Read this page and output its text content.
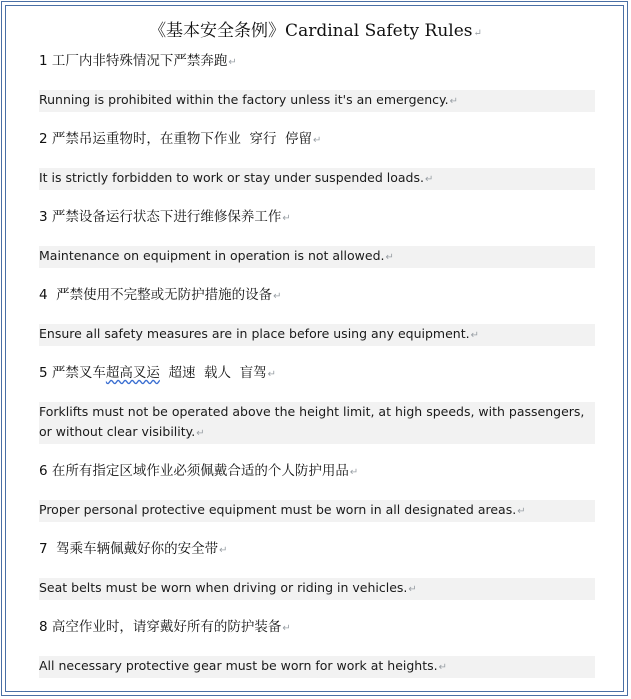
《基本安全条例》Cardinal Safety Rules↵
1 工厂内非特殊情况下严禁奔跑↵
Running is prohibited within the factory unless it's an emergency.↵
2 严禁吊运重物时，在重物下作业  穿行  停留↵
It is strictly forbidden to work or stay under suspended loads.↵
3 严禁设备运行状态下进行维修保养工作↵
Maintenance on equipment in operation is not allowed.↵
4  严禁使用不完整或无防护措施的设备↵
Ensure all safety measures are in place before using any equipment.↵
5 严禁叉车超高叉运  超速  载人  盲驾↵
Forklifts must not be operated above the height limit, at high speeds, with passengers, or without clear visibility.↵
6 在所有指定区域作业必须佩戴合适的个人防护用品↵
Proper personal protective equipment must be worn in all designated areas.↵
7  驾乘车辆佩戴好你的安全带↵
Seat belts must be worn when driving or riding in vehicles.↵
8 高空作业时，请穿戴好所有的防护装备↵
All necessary protective gear must be worn for work at heights.↵
